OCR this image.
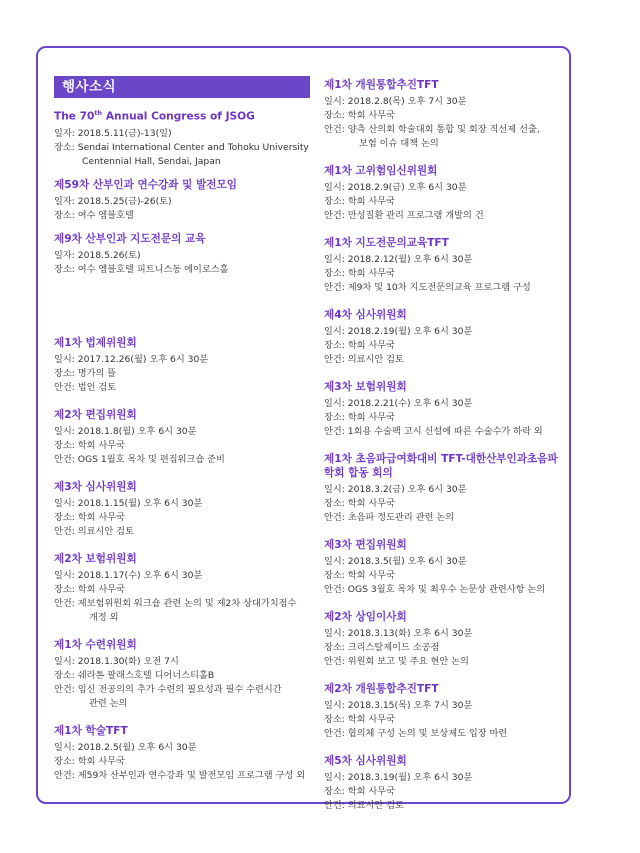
행사소식
The 70th Annual Congress of JSOG
일자: 2018.5.11(금)-13(일)
장소: Sendai International Center and Tohoku University
Centennial Hall, Sendai, Japan
제59차 산부인과 연수강좌 및 발전모임
일자: 2018.5.25(금)-26(토)
장소: 여수 엠블호텔
제9차 산부인과 지도전문의 교육
일자: 2018.5.26(토)
장소: 여수 엠블호텔 피트니스동 에이로스홀
제1차 법제위원회
일시: 2017.12.26(월) 오후 6시 30분
장소: 명가의 뜰
안건: 법인 검토
제2차 편집위원회
일시: 2018.1.8(월) 오후 6시 30분
장소: 학회 사무국
안건: OGS 1월호 목차 및 편집워크숍 준비
제3차 심사위원회
일시: 2018.1.15(월) 오후 6시 30분
장소: 학회 사무국
안건: 의료시안 검토
제2차 보험위원회
일시: 2018.1.17(수) 오후 6시 30분
장소: 학회 사무국
안건: 제보험위원회 워크숍 관련 논의 및 제2차 상대가치점수
개정 외
제1차 수련위원회
일시: 2018.1.30(화) 오전 7시
장소: 쉐라톤 팔래스호텔 디어너스티홀B
안건: 임신 전공의의 추가 수련의 필요성과 필수 수련시간
관련 논의
제1차 학술TFT
일시: 2018.2.5(월) 오후 6시 30분
장소: 학회 사무국
안건: 제59차 산부인과 연수강좌 및 발전모임 프로그램 구성 외
제1차 개원통합추진TFT
일시: 2018.2.8(목) 오후 7시 30분
장소: 학회 사무국
안건: 양측 산의회 학술대회 통합 및 회장 직선제 선출,
보험 이슈 대책 논의
제1차 고위험임신위원회
일시: 2018.2.9(금) 오후 6시 30분
장소: 학회 사무국
안건: 만성질환 관리 프로그램 개발의 건
제1차 지도전문의교육TFT
일시: 2018.2.12(월) 오후 6시 30분
장소: 학회 사무국
안건: 제9차 및 10차 지도전문의교육 프로그램 구성
제4차 심사위원회
일시: 2018.2.19(월) 오후 6시 30분
장소: 학회 사무국
안건: 의료시안 검토
제3차 보험위원회
일시: 2018.2.21(수) 오후 6시 30분
장소: 학회 사무국
안건: 1회용 수술팩 고시 신설에 따른 수술수가 하락 외
제1차 초음파급여화대비 TFT-대한산부인과초음파학회 합동 회의
일시: 2018.3.2(금) 오후 6시 30분
장소: 학회 사무국
안건: 초음파 정도관리 관련 논의
제3차 편집위원회
일시: 2018.3.5(월) 오후 6시 30분
장소: 학회 사무국
안건: OGS 3월호 목차 및 최우수 논문상 관련사항 논의
제2차 상임이사회
일시: 2018.3.13(화) 오후 6시 30분
장소: 크리스탈제이드 소공점
안건: 위원회 보고 및 주요 현안 논의
제2차 개원통합추진TFT
일시: 2018.3.15(목) 오후 7시 30분
장소: 학회 사무국
안건: 협의체 구성 논의 및 보상제도 입장 마련
제5차 심사위원회
일시: 2018.3.19(월) 오후 6시 30분
장소: 학회 사무국
안건: 의료시안 검토
